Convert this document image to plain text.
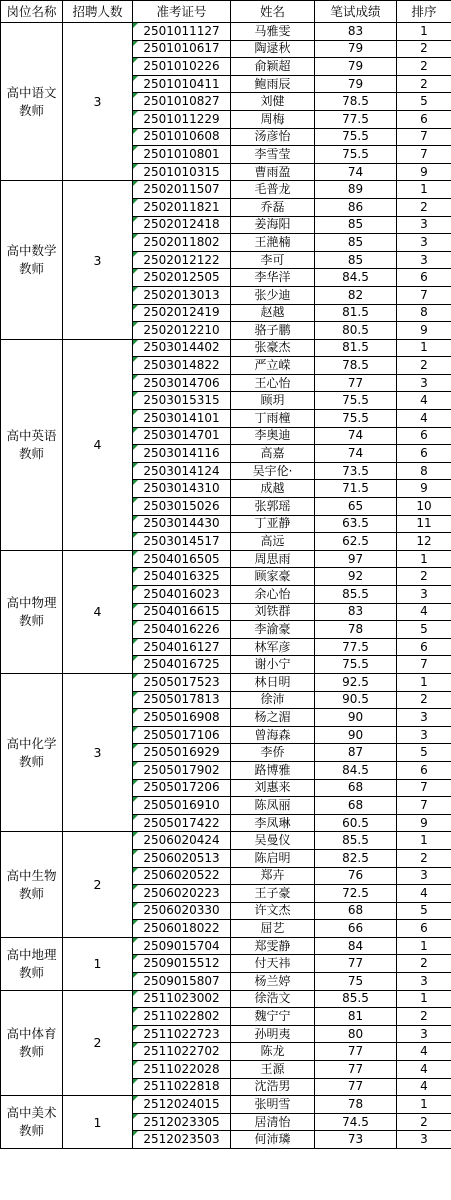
岗位名称	招聘人数	准考证号	姓名	笔试成绩	排序
高中语文教师	3	2501011127	马雅雯	83	1
		2501010617	陶逯秋	79	2
		2501010226	俞颖超	79	2
		2501010411	鲍雨辰	79	2
		2501010827	刘健	78.5	5
		2501011229	周梅	77.5	6
		2501010608	汤彦怡	75.5	7
		2501010801	李雪莹	75.5	7
		2501010315	曹雨盈	74	9
高中数学教师	3	2502011507	毛普龙	89	1
		2502011821	乔磊	86	2
		2502012418	姜海阳	85	3
		2502011802	王滟楠	85	3
		2502012122	李可	85	3
		2502012505	李华洋	84.5	6
		2502013013	张少迪	82	7
		2502012419	赵越	81.5	8
		2502012210	骆子鹏	80.5	9
高中英语教师	4	2503014402	张豪杰	81.5	1
		2503014822	严立嵘	78.5	2
		2503014706	王心怡	77	3
		2503015315	顾玥	75.5	4
		2503014101	丁雨橦	75.5	4
		2503014701	李奥迪	74	6
		2503014116	高嘉	74	6
		2503014124	吴宇伦·	73.5	8
		2503014310	成越	71.5	9
		2503015026	张郭瑶	65	10
		2503014430	丁亚静	63.5	11
		2503014517	高远	62.5	12
高中物理教师	4	2504016505	周思雨	97	1
		2504016325	顾家豪	92	2
		2504016023	余心怡	85.5	3
		2504016615	刘铁群	83	4
		2504016226	李渝豪	78	5
		2504016127	林军彦	77.5	6
		2504016725	谢小宁	75.5	7
高中化学教师	3	2505017523	林日明	92.5	1
		2505017813	徐沛	90.5	2
		2505016908	杨之湄	90	3
		2505017106	曾海森	90	3
		2505016929	李侨	87	5
		2505017902	路博雅	84.5	6
		2505017206	刘惠来	68	7
		2505016910	陈凤丽	68	7
		2505017422	李凤琳	60.5	9
高中生物教师	2	2506020424	吴曼仪	85.5	1
		2506020513	陈启明	82.5	2
		2506020522	郑卉	76	3
		2506020223	王子豪	72.5	4
		2506020330	许文杰	68	5
		2506018022	屈艺	66	6
高中地理教师	1	2509015704	郑雯静	84	1
		2509015512	付天祎	77	2
		2509015807	杨兰婷	75	3
高中体育教师	2	2511023002	徐浩文	85.5	1
		2511022802	魏宁宁	81	2
		2511022723	孙明夷	80	3
		2511022702	陈龙	77	4
		2511022028	王源	77	4
		2511022818	沈浩男	77	4
高中美术教师	1	2512024015	张明雪	78	1
		2512023305	居清怡	74.5	2
		2512023503	何沛璘	73	3
